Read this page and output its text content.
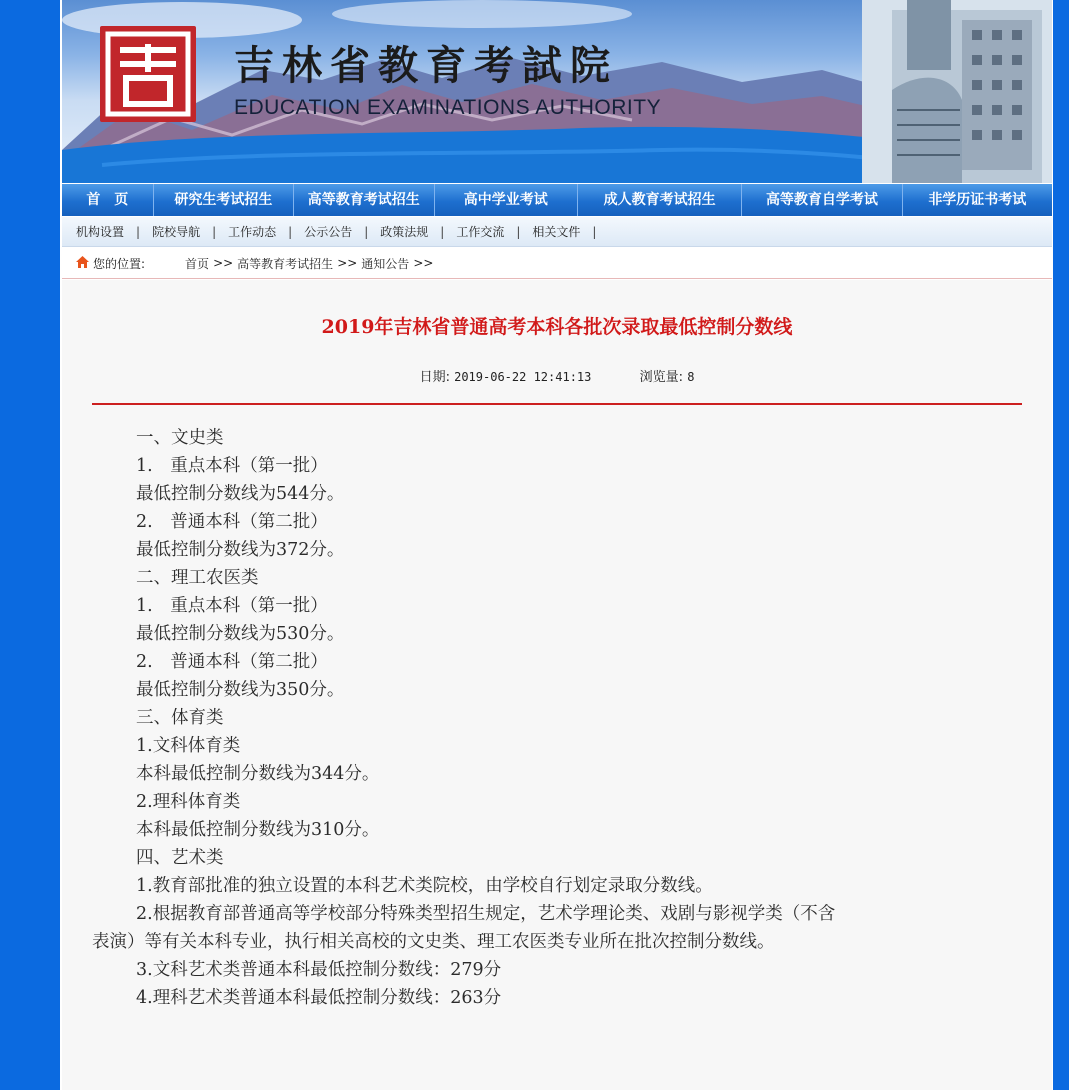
吉林省教育考試院
EDUCATION EXAMINATIONS AUTHORITY
首　页	研究生考试招生	高等教育考试招生	高中学业考试	成人教育考试招生	高等教育自学考试	非学历证书考试
机构设置 | 院校导航 | 工作动态 | 公示公告 | 政策法规 | 工作交流 | 相关文件 |
您的位置:	首页 >> 高等教育考试招生 >> 通知公告 >>
2019年吉林省普通高考本科各批次录取最低控制分数线
日期: 2019-06-22 12:41:13	浏览量: 8
一、文史类
1.　重点本科（第一批）
最低控制分数线为544分。
2.　普通本科（第二批）
最低控制分数线为372分。
二、理工农医类
1.　重点本科（第一批）
最低控制分数线为530分。
2.　普通本科（第二批）
最低控制分数线为350分。
三、体育类
1.文科体育类
本科最低控制分数线为344分。
2.理科体育类
本科最低控制分数线为310分。
四、艺术类
1.教育部批准的独立设置的本科艺术类院校，由学校自行划定录取分数线。
2.根据教育部普通高等学校部分特殊类型招生规定，艺术学理论类、戏剧与影视学类（不含
表演）等有关本科专业，执行相关高校的文史类、理工农医类专业所在批次控制分数线。
3.文科艺术类普通本科最低控制分数线：279分
4.理科艺术类普通本科最低控制分数线：263分
